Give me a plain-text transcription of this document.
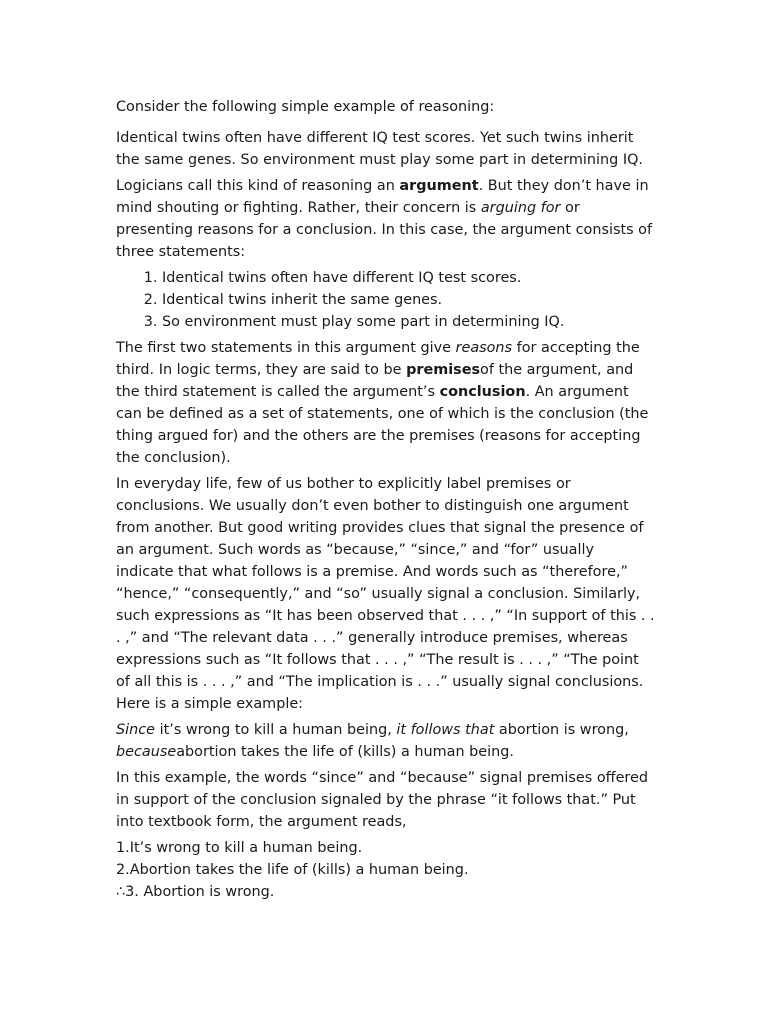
Consider the following simple example of reasoning:

Identical twins often have different IQ test scores. Yet such twins inherit the same genes. So environment must play some part in determining IQ.

Logicians call this kind of reasoning an argument. But they don’t have in mind shouting or fighting. Rather, their concern is arguing for or presenting reasons for a conclusion. In this case, the argument consists of three statements:

1. Identical twins often have different IQ test scores.
2. Identical twins inherit the same genes.
3. So environment must play some part in determining IQ.

The first two statements in this argument give reasons for accepting the third. In logic terms, they are said to be premisesof the argument, and the third statement is called the argument’s conclusion. An argument can be defined as a set of statements, one of which is the conclusion (the thing argued for) and the others are the premises (reasons for accepting the conclusion).

In everyday life, few of us bother to explicitly label premises or conclusions. We usually don’t even bother to distinguish one argument from another. But good writing provides clues that signal the presence of an argument. Such words as “because,” “since,” and “for” usually indicate that what follows is a premise. And words such as “therefore,” “hence,” “consequently,” and “so” usually signal a conclusion. Similarly, such expressions as “It has been observed that . . . ,” “In support of this . . . ,” and “The relevant data . . .” generally introduce premises, whereas expressions such as “It follows that . . . ,” “The result is . . . ,” “The point of all this is . . . ,” and “The implication is . . .” usually signal conclusions. Here is a simple example:

Since it’s wrong to kill a human being, it follows that abortion is wrong, becauseabortion takes the life of (kills) a human being.

In this example, the words “since” and “because” signal premises offered in support of the conclusion signaled by the phrase “it follows that.” Put into textbook form, the argument reads,

1.It’s wrong to kill a human being.

2.Abortion takes the life of (kills) a human being.

∴3. Abortion is wrong.
